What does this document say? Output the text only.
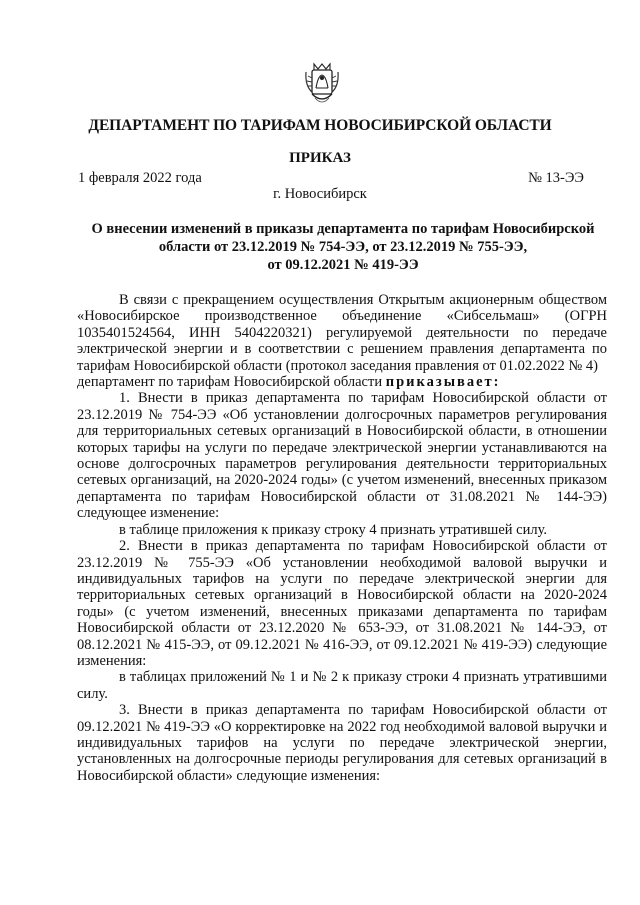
ДЕПАРТАМЕНТ ПО ТАРИФАМ НОВОСИБИРСКОЙ ОБЛАСТИ
ПРИКАЗ
1 февраля 2022 года	№ 13-ЭЭ
г. Новосибирск
О внесении изменений в приказы департамента по тарифам Новосибирской
области от 23.12.2019 № 754-ЭЭ, от 23.12.2019 № 755-ЭЭ,
от 09.12.2021 № 419-ЭЭ

В связи с прекращением осуществления Открытым акционерным обществом «Новосибирское производственное объединение «Сибсельмаш» (ОГРН 1035401524564, ИНН 5404220321) регулируемой деятельности по передаче электрической энергии и в соответствии с решением правления департамента по тарифам Новосибирской области (протокол заседания правления от 01.02.2022 № 4)

департамент по тарифам Новосибирской области приказывает:

1. Внести в приказ департамента по тарифам Новосибирской области от 23.12.2019 № 754-ЭЭ «Об установлении долгосрочных параметров регулирования для территориальных сетевых организаций в Новосибирской области, в отношении которых тарифы на услуги по передаче электрической энергии устанавливаются на основе долгосрочных параметров регулирования деятельности территориальных сетевых организаций, на 2020-2024 годы» (с учетом изменений, внесенных приказом департамента по тарифам Новосибирской области от 31.08.2021 № 144-ЭЭ) следующее изменение:

в таблице приложения к приказу строку 4 признать утратившей силу.

2. Внести в приказ департамента по тарифам Новосибирской области от 23.12.2019 № 755-ЭЭ «Об установлении необходимой валовой выручки и индивидуальных тарифов на услуги по передаче электрической энергии для территориальных сетевых организаций в Новосибирской области на 2020-2024 годы» (с учетом изменений, внесенных приказами департамента по тарифам Новосибирской области от 23.12.2020 № 653-ЭЭ, от 31.08.2021 № 144-ЭЭ, от 08.12.2021 № 415-ЭЭ, от 09.12.2021 № 416-ЭЭ, от 09.12.2021 № 419-ЭЭ) следующие изменения:

в таблицах приложений № 1 и № 2 к приказу строки 4 признать утратившими силу.

3. Внести в приказ департамента по тарифам Новосибирской области от 09.12.2021 № 419-ЭЭ «О корректировке на 2022 год необходимой валовой выручки и индивидуальных тарифов на услуги по передаче электрической энергии, установленных на долгосрочные периоды регулирования для сетевых организаций в Новосибирской области» следующие изменения:
